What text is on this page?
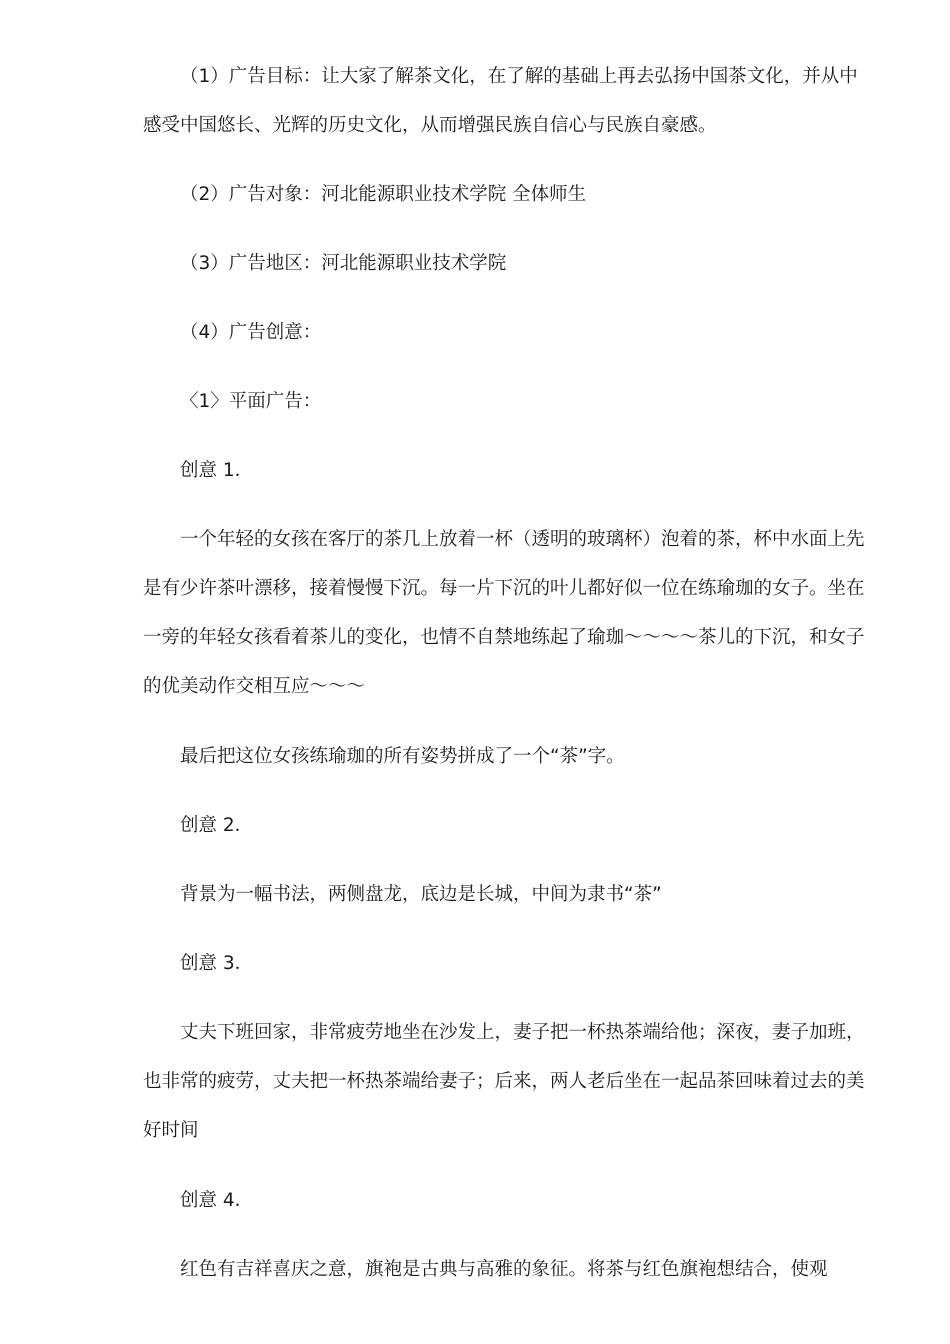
（1）广告目标：让大家了解茶文化，在了解的基础上再去弘扬中国茶文化，并从中感受中国悠长、光辉的历史文化，从而增强民族自信心与民族自豪感。

（2）广告对象：河北能源职业技术学院 全体师生

（3）广告地区：河北能源职业技术学院

（4）广告创意：

〈1〉平面广告：

创意 1．

一个年轻的女孩在客厅的茶几上放着一杯（透明的玻璃杯）泡着的茶，杯中水面上先是有少许茶叶漂移，接着慢慢下沉。每一片下沉的叶儿都好似一位在练瑜珈的女子。坐在一旁的年轻女孩看着茶儿的变化，也情不自禁地练起了瑜珈～～～～茶儿的下沉，和女子的优美动作交相互应～～～

最后把这位女孩练瑜珈的所有姿势拼成了一个“茶”字。

创意 2．

背景为一幅书法，两侧盘龙，底边是长城，中间为隶书“茶”

创意 3．

丈夫下班回家，非常疲劳地坐在沙发上，妻子把一杯热茶端给他；深夜，妻子加班，也非常的疲劳，丈夫把一杯热茶端给妻子；后来，两人老后坐在一起品茶回味着过去的美好时间

创意 4．

红色有吉祥喜庆之意，旗袍是古典与高雅的象征。将茶与红色旗袍想结合，使观
